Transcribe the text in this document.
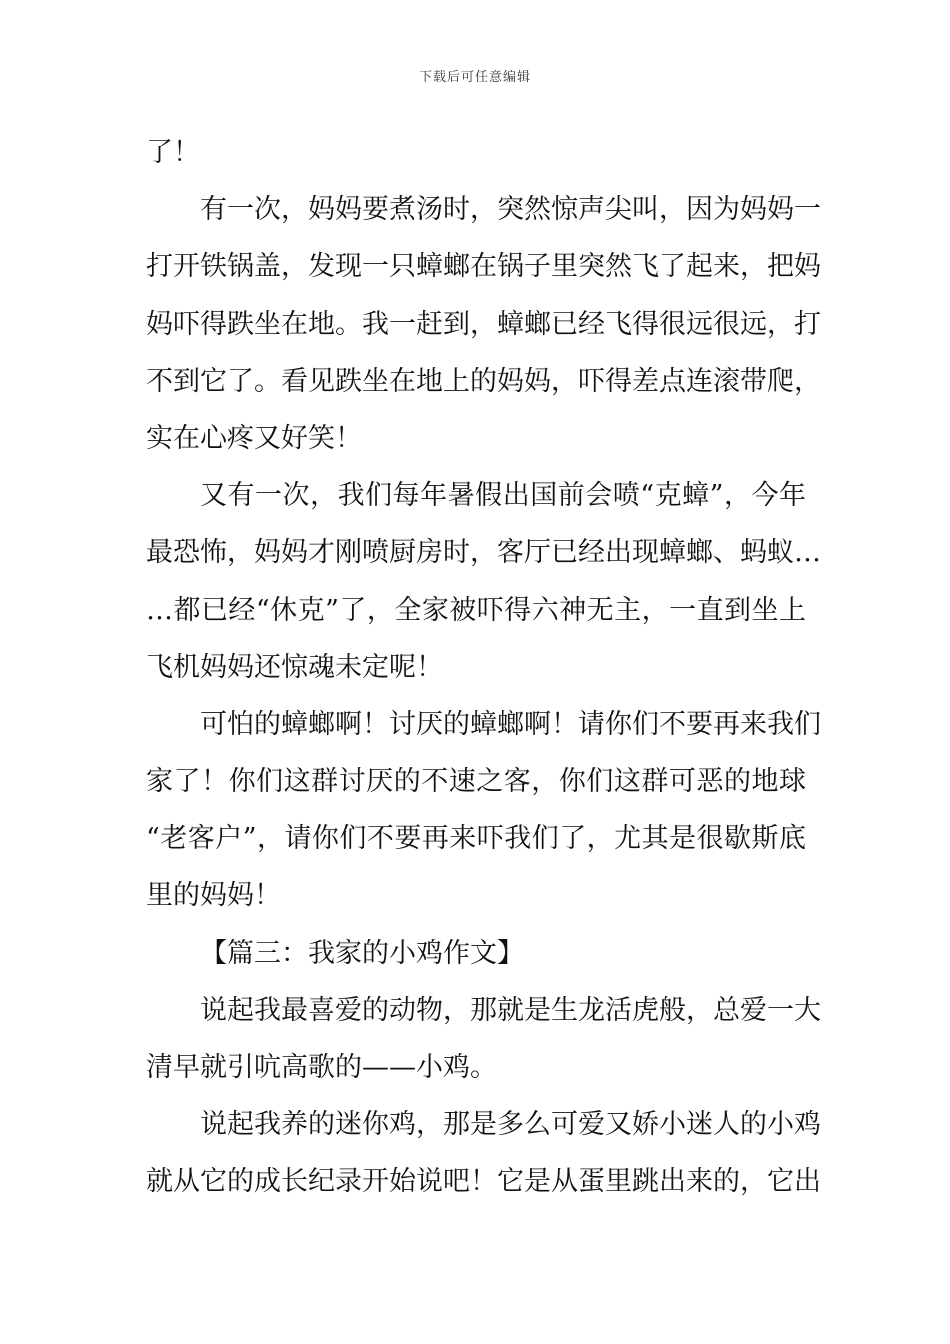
下载后可任意编辑
了！
有一次，妈妈要煮汤时，突然惊声尖叫，因为妈妈一
打开铁锅盖，发现一只蟑螂在锅子里突然飞了起来，把妈
妈吓得跌坐在地。我一赶到，蟑螂已经飞得很远很远，打
不到它了。看见跌坐在地上的妈妈，吓得差点连滚带爬，
实在心疼又好笑！
又有一次，我们每年暑假出国前会喷“克蟑”，今年
最恐怖，妈妈才刚喷厨房时，客厅已经出现蟑螂、蚂蚁…
…都已经“休克”了，全家被吓得六神无主，一直到坐上
飞机妈妈还惊魂未定呢！
可怕的蟑螂啊！讨厌的蟑螂啊！请你们不要再来我们
家了！你们这群讨厌的不速之客，你们这群可恶的地球
“老客户”，请你们不要再来吓我们了，尤其是很歇斯底
里的妈妈！
【篇三：我家的小鸡作文】
说起我最喜爱的动物，那就是生龙活虎般，总爱一大
清早就引吭高歌的——小鸡。
说起我养的迷你鸡，那是多么可爱又娇小迷人的小鸡
就从它的成长纪录开始说吧！它是从蛋里跳出来的，它出
